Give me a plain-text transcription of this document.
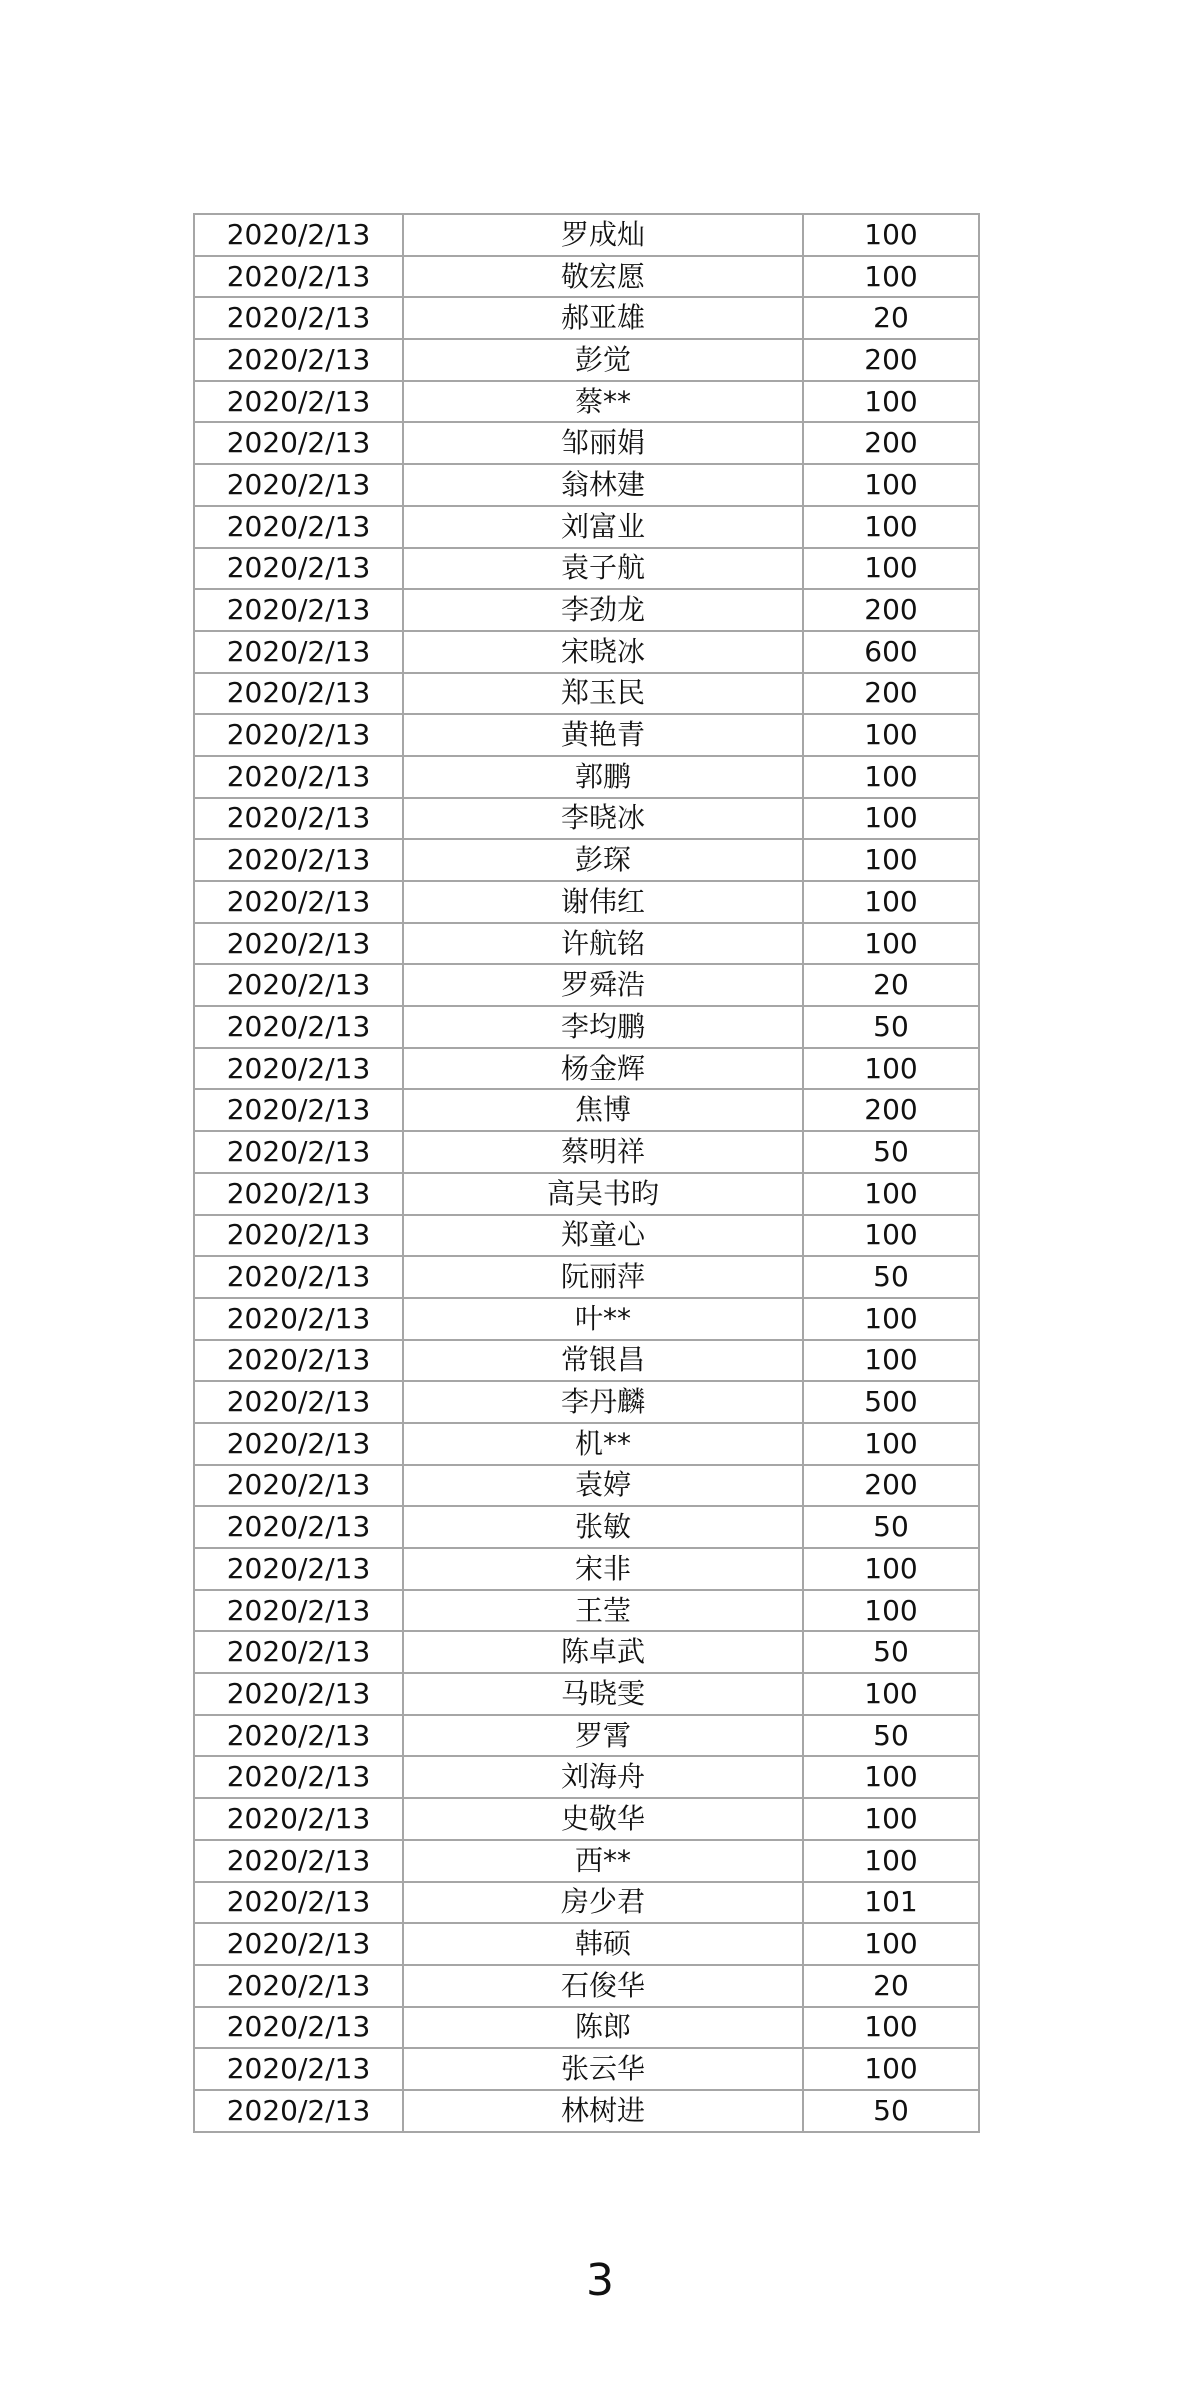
2020/2/13	罗成灿	100
2020/2/13	敬宏愿	100
2020/2/13	郝亚雄	20
2020/2/13	彭觉	200
2020/2/13	蔡**	100
2020/2/13	邹丽娟	200
2020/2/13	翁林建	100
2020/2/13	刘富业	100
2020/2/13	袁子航	100
2020/2/13	李劲龙	200
2020/2/13	宋晓冰	600
2020/2/13	郑玉民	200
2020/2/13	黄艳青	100
2020/2/13	郭鹏	100
2020/2/13	李晓冰	100
2020/2/13	彭琛	100
2020/2/13	谢伟红	100
2020/2/13	许航铭	100
2020/2/13	罗舜浩	20
2020/2/13	李均鹏	50
2020/2/13	杨金辉	100
2020/2/13	焦博	200
2020/2/13	蔡明祥	50
2020/2/13	高吴书昀	100
2020/2/13	郑童心	100
2020/2/13	阮丽萍	50
2020/2/13	叶**	100
2020/2/13	常银昌	100
2020/2/13	李丹麟	500
2020/2/13	机**	100
2020/2/13	袁婷	200
2020/2/13	张敏	50
2020/2/13	宋非	100
2020/2/13	王莹	100
2020/2/13	陈卓武	50
2020/2/13	马晓雯	100
2020/2/13	罗霄	50
2020/2/13	刘海舟	100
2020/2/13	史敬华	100
2020/2/13	西**	100
2020/2/13	房少君	101
2020/2/13	韩硕	100
2020/2/13	石俊华	20
2020/2/13	陈郎	100
2020/2/13	张云华	100
2020/2/13	林树进	50
3
